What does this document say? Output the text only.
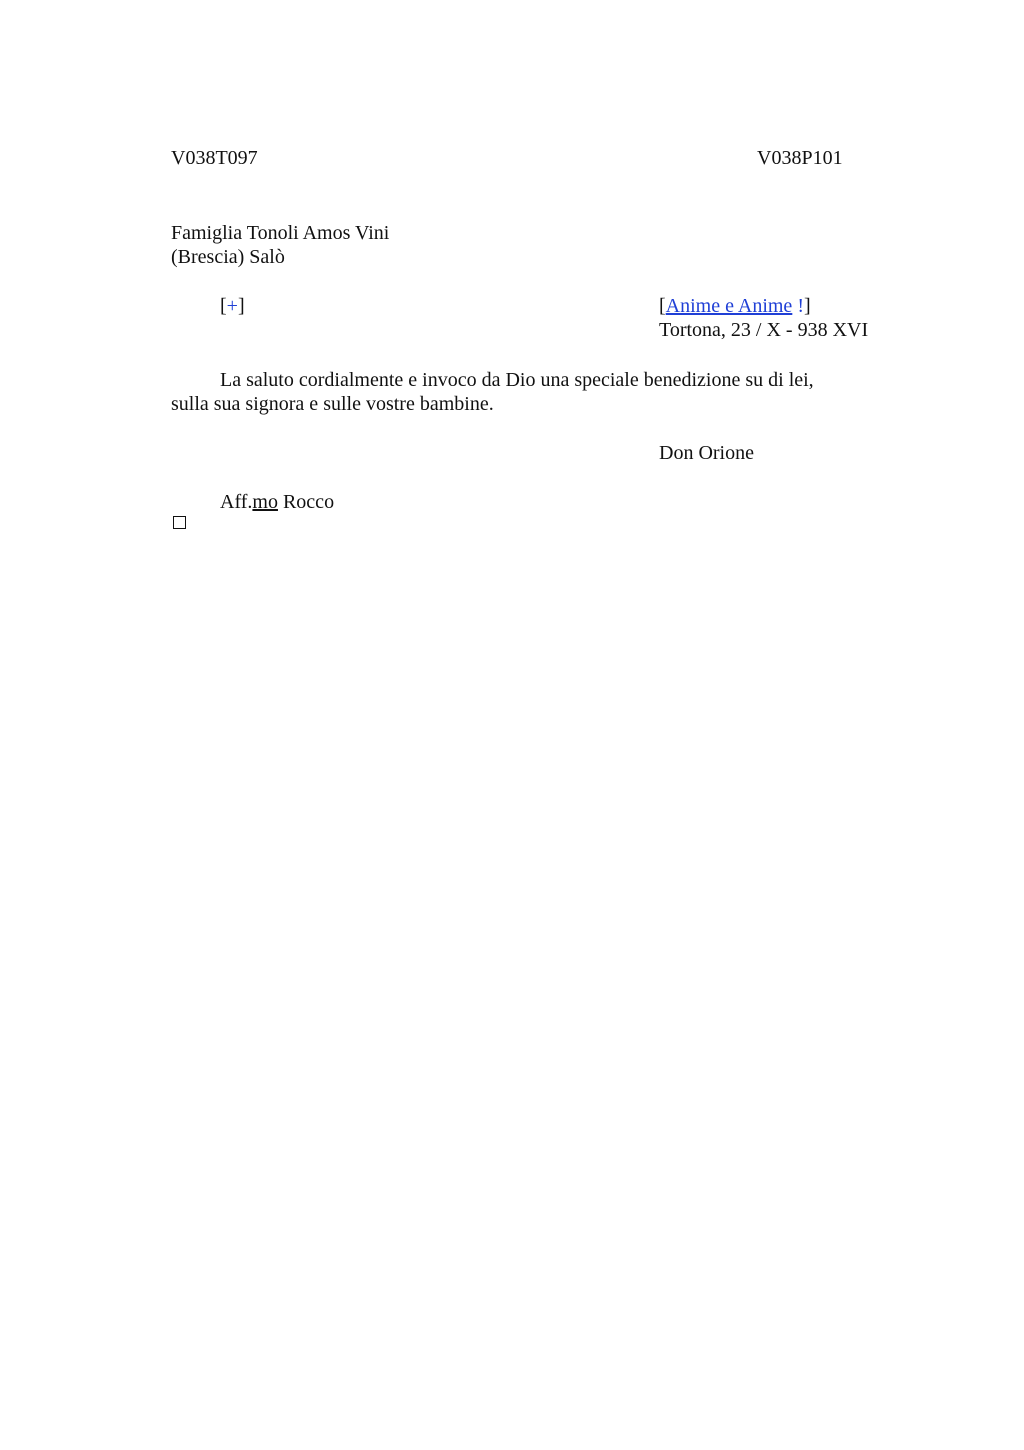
V038T097	V038P101
Famiglia Tonoli Amos Vini
(Brescia) Salò
[+]	[Anime e Anime !]
Tortona, 23 / X - 938 XVI
La saluto cordialmente e invoco da Dio una speciale benedizione su di lei,
sulla sua signora e sulle vostre bambine.
Don Orione
Aff.mo Rocco
